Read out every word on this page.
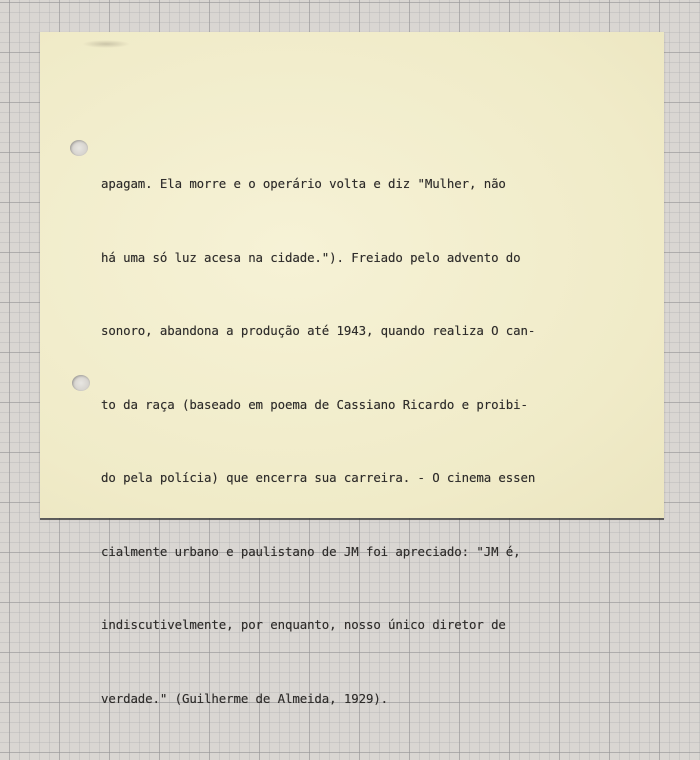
apagam. Ela morre e o operário volta e diz "Mulher, não

há uma só luz acesa na cidade."). Freiado pelo advento do

sonoro, abandona a produção até 1943, quando realiza O can-

to da raça (baseado em poema de Cassiano Ricardo e proibi-

do pela polícia) que encerra sua carreira. - O cinema essen

cialmente urbano e paulistano de JM foi apreciado: "JM é,

indiscutivelmente, por enquanto, nosso único diretor de

verdade." (Guilherme de Almeida, 1929).
